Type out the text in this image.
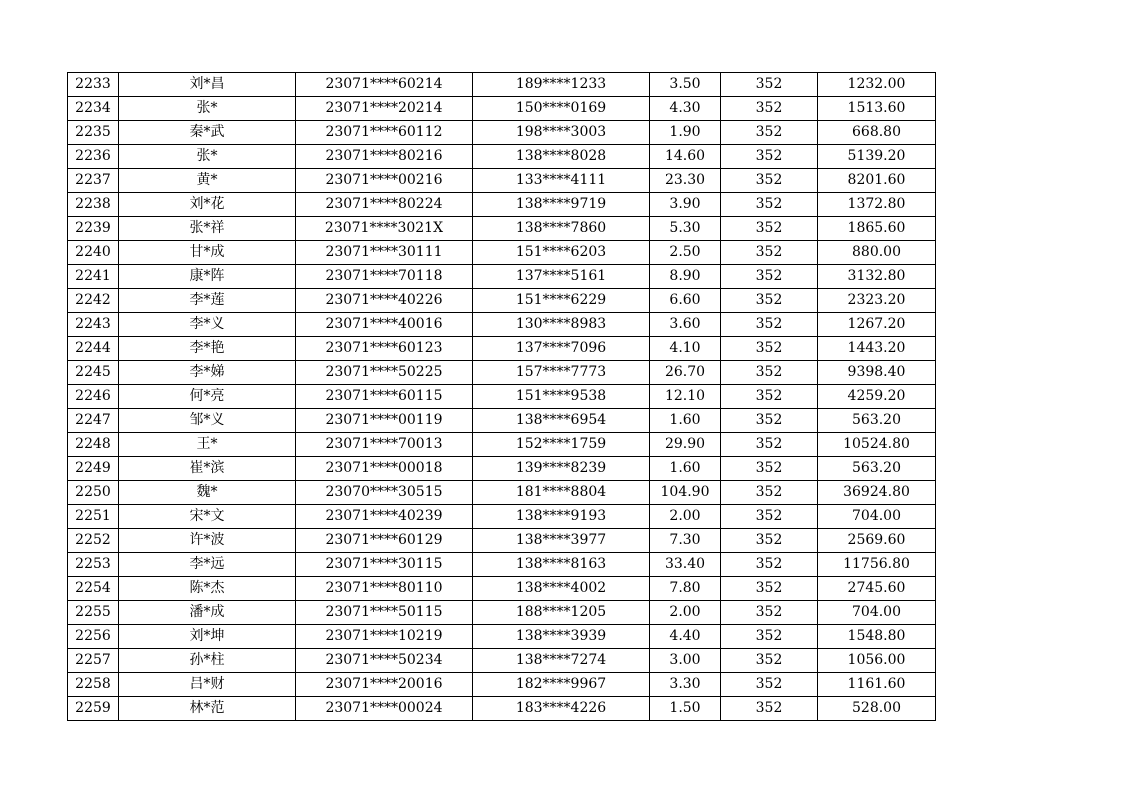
2233	刘*昌	23071****60214	189****1233	3.50	352	1232.00
2234	张*	23071****20214	150****0169	4.30	352	1513.60
2235	秦*武	23071****60112	198****3003	1.90	352	668.80
2236	张*	23071****80216	138****8028	14.60	352	5139.20
2237	黄*	23071****00216	133****4111	23.30	352	8201.60
2238	刘*花	23071****80224	138****9719	3.90	352	1372.80
2239	张*祥	23071****3021X	138****7860	5.30	352	1865.60
2240	甘*成	23071****30111	151****6203	2.50	352	880.00
2241	康*阵	23071****70118	137****5161	8.90	352	3132.80
2242	李*莲	23071****40226	151****6229	6.60	352	2323.20
2243	李*义	23071****40016	130****8983	3.60	352	1267.20
2244	李*艳	23071****60123	137****7096	4.10	352	1443.20
2245	李*娣	23071****50225	157****7773	26.70	352	9398.40
2246	何*亮	23071****60115	151****9538	12.10	352	4259.20
2247	邹*义	23071****00119	138****6954	1.60	352	563.20
2248	王*	23071****70013	152****1759	29.90	352	10524.80
2249	崔*滨	23071****00018	139****8239	1.60	352	563.20
2250	魏*	23070****30515	181****8804	104.90	352	36924.80
2251	宋*文	23071****40239	138****9193	2.00	352	704.00
2252	许*波	23071****60129	138****3977	7.30	352	2569.60
2253	李*远	23071****30115	138****8163	33.40	352	11756.80
2254	陈*杰	23071****80110	138****4002	7.80	352	2745.60
2255	潘*成	23071****50115	188****1205	2.00	352	704.00
2256	刘*坤	23071****10219	138****3939	4.40	352	1548.80
2257	孙*柱	23071****50234	138****7274	3.00	352	1056.00
2258	吕*财	23071****20016	182****9967	3.30	352	1161.60
2259	林*范	23071****00024	183****4226	1.50	352	528.00
